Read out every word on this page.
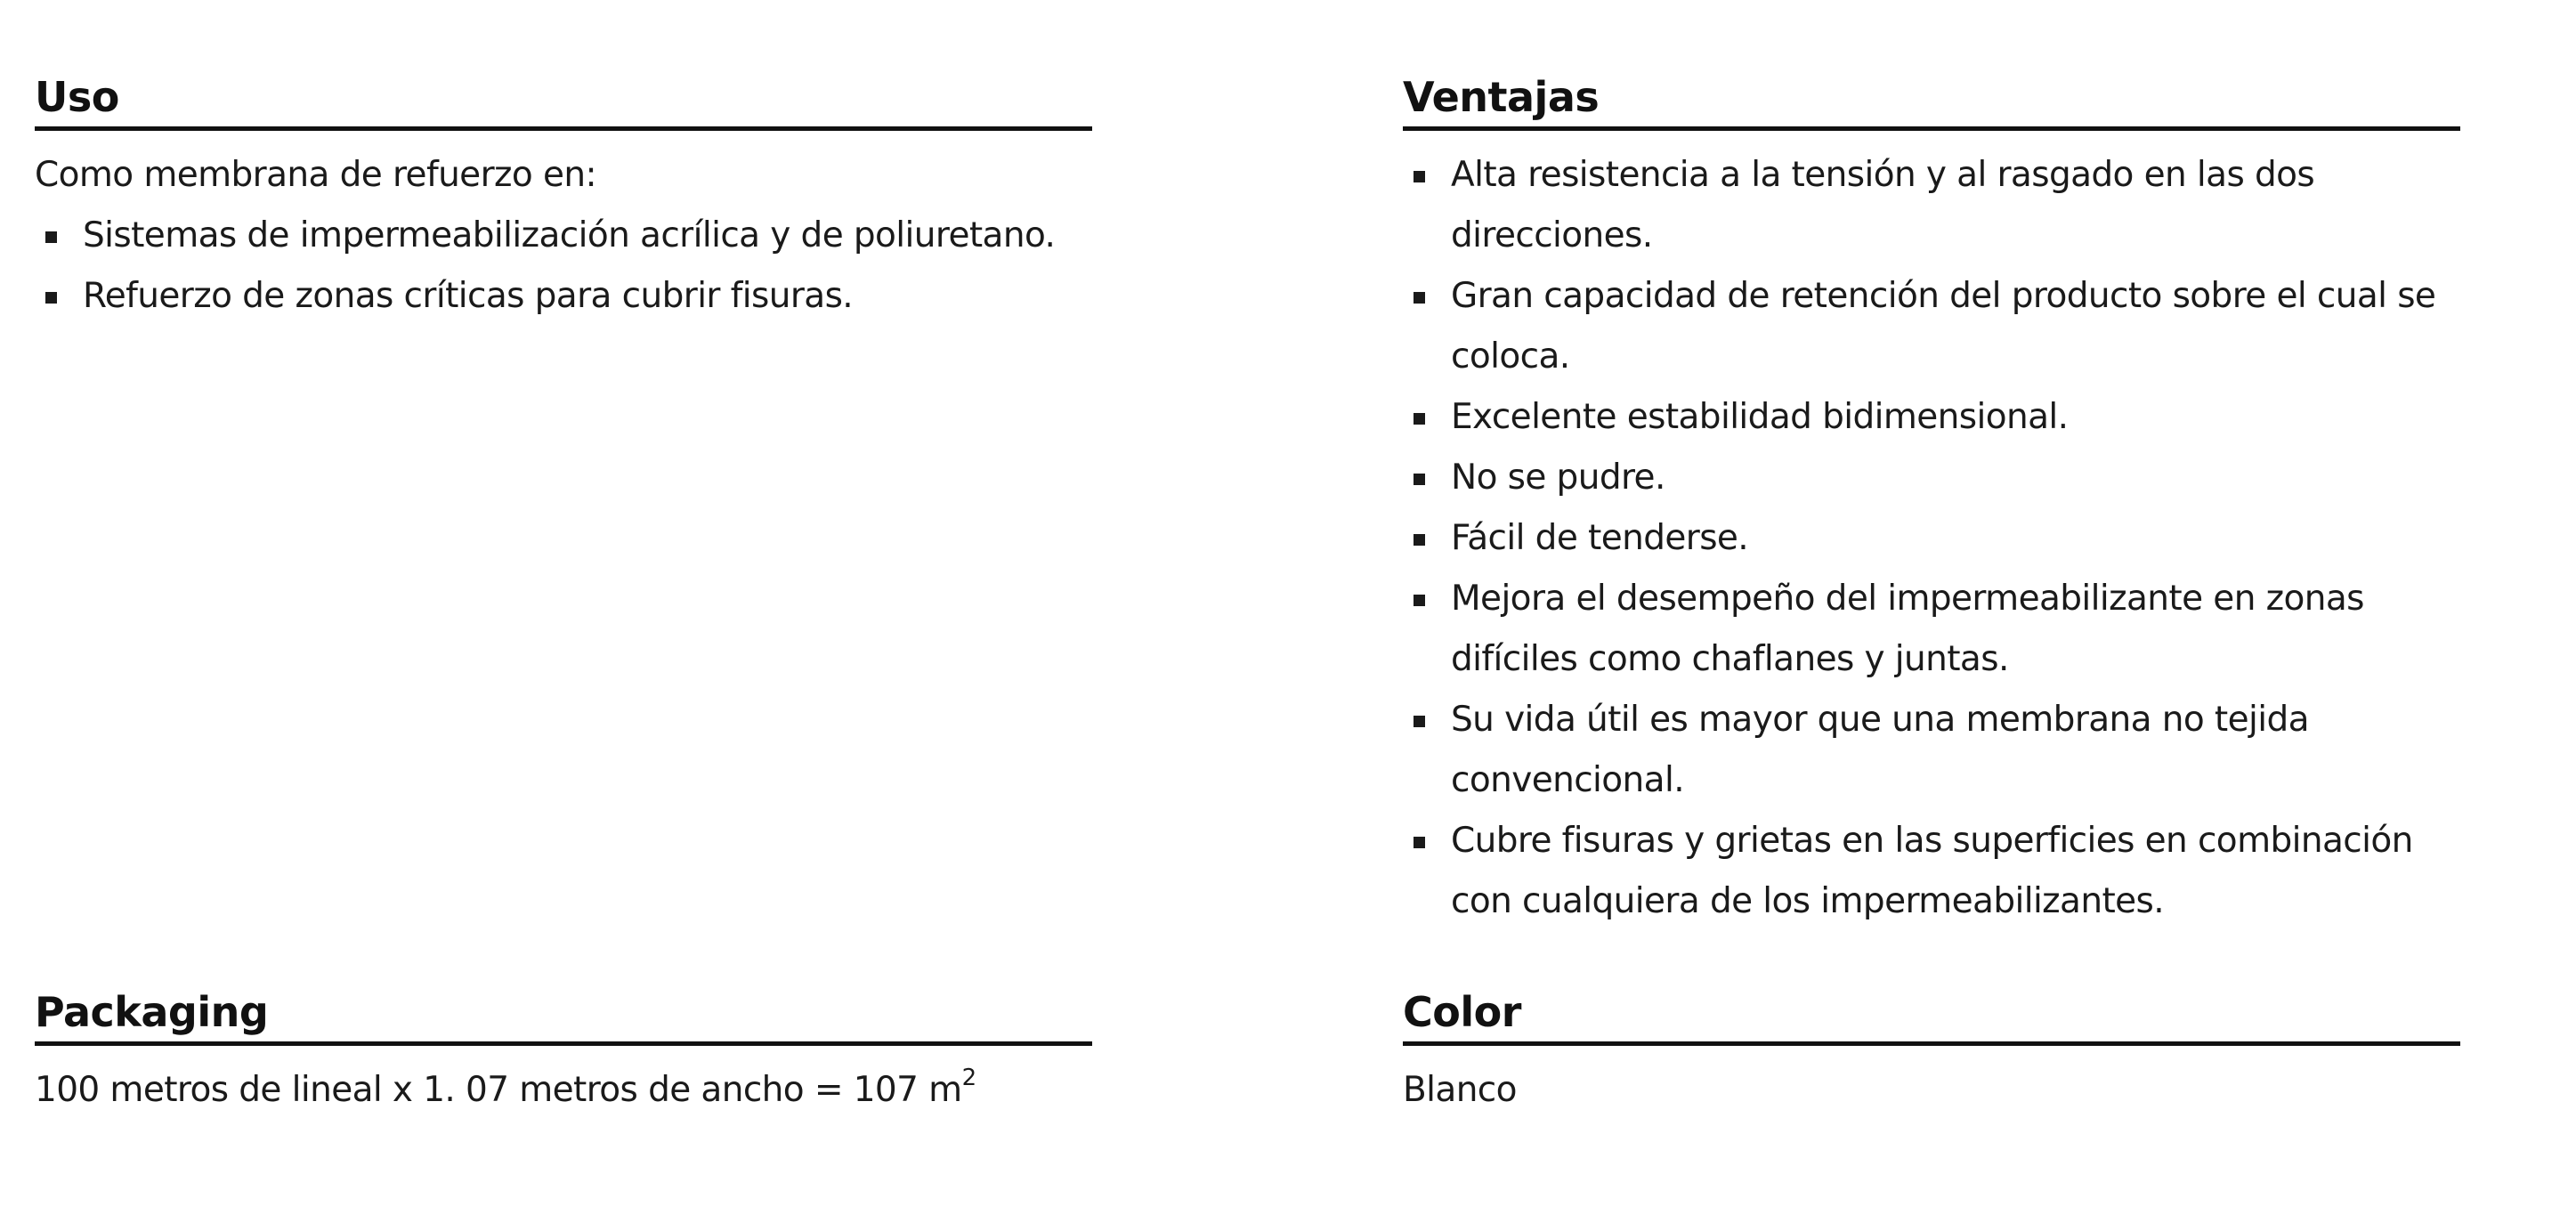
Uso

Como membrana de refuerzo en:

Sistemas de impermeabilización acrílica y de poliuretano.
Refuerzo de zonas críticas para cubrir fisuras.
Ventajas
Alta resistencia a la tensión y al rasgado en las dos direcciones.
Gran capacidad de retención del producto sobre el cual se coloca.
Excelente estabilidad bidimensional.
No se pudre.
Fácil de tenderse.
Mejora el desempeño del impermeabilizante en zonas difíciles como chaflanes y juntas.
Su vida útil es mayor que una membrana no tejida convencional.
Cubre fisuras y grietas en las superficies en combinación con cualquiera de los impermeabilizantes.
Packaging

100 metros de lineal x 1. 07 metros de ancho = 107 $m^2$

Color

Blanco
